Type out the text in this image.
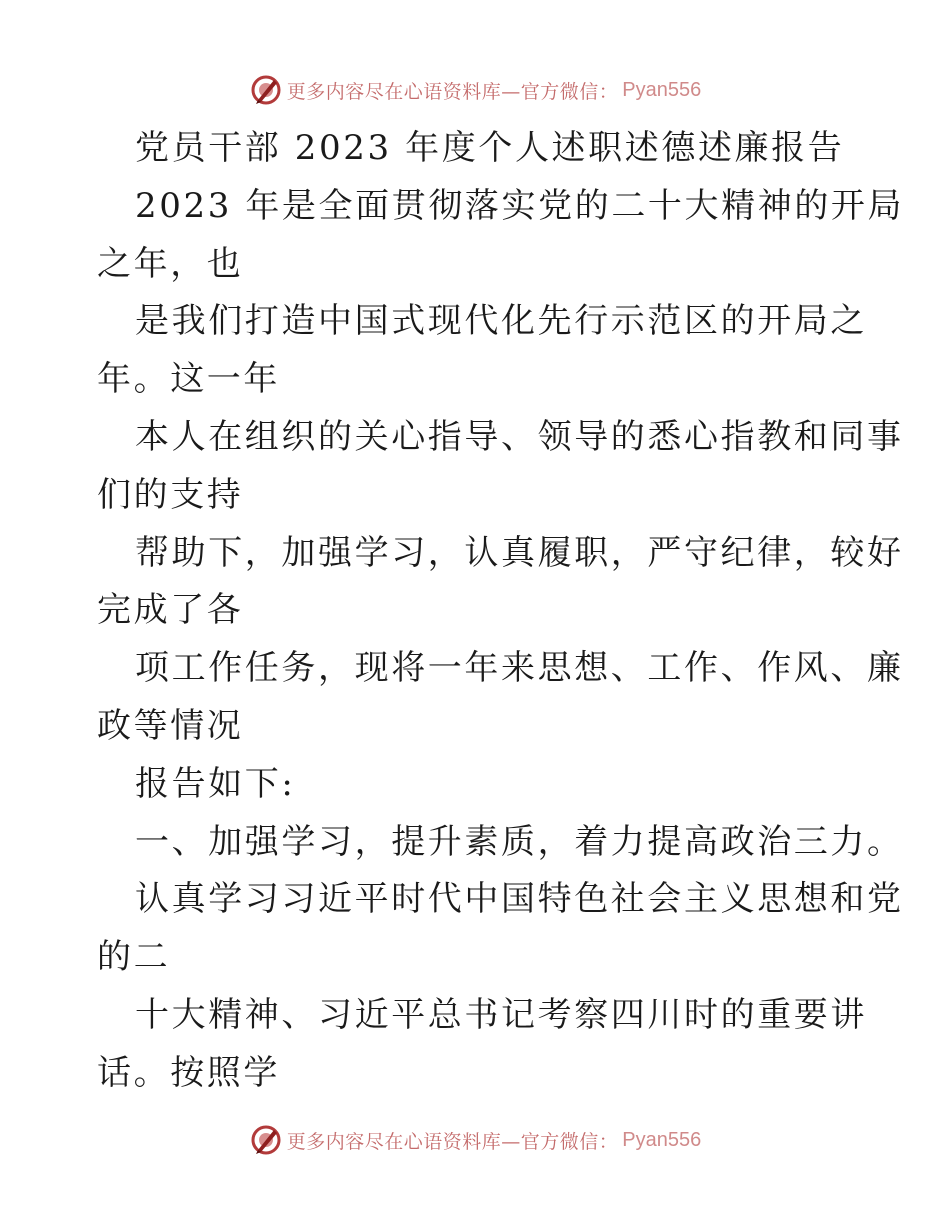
更多内容尽在心语资料库—官方微信： Pyan556
党员干部 2023 年度个人述职述德述廉报告
2023 年是全面贯彻落实党的二十大精神的开局
之年，也
是我们打造中国式现代化先行示范区的开局之
年。这一年
本人在组织的关心指导、领导的悉心指教和同事
们的支持
帮助下，加强学习，认真履职，严守纪律，较好
完成了各
项工作任务，现将一年来思想、工作、作风、廉
政等情况
报告如下:
一、加强学习，提升素质，着力提高政治三力。
认真学习习近平时代中国特色社会主义思想和党
的二
十大精神、习近平总书记考察四川时的重要讲
话。按照学
更多内容尽在心语资料库—官方微信： Pyan556
